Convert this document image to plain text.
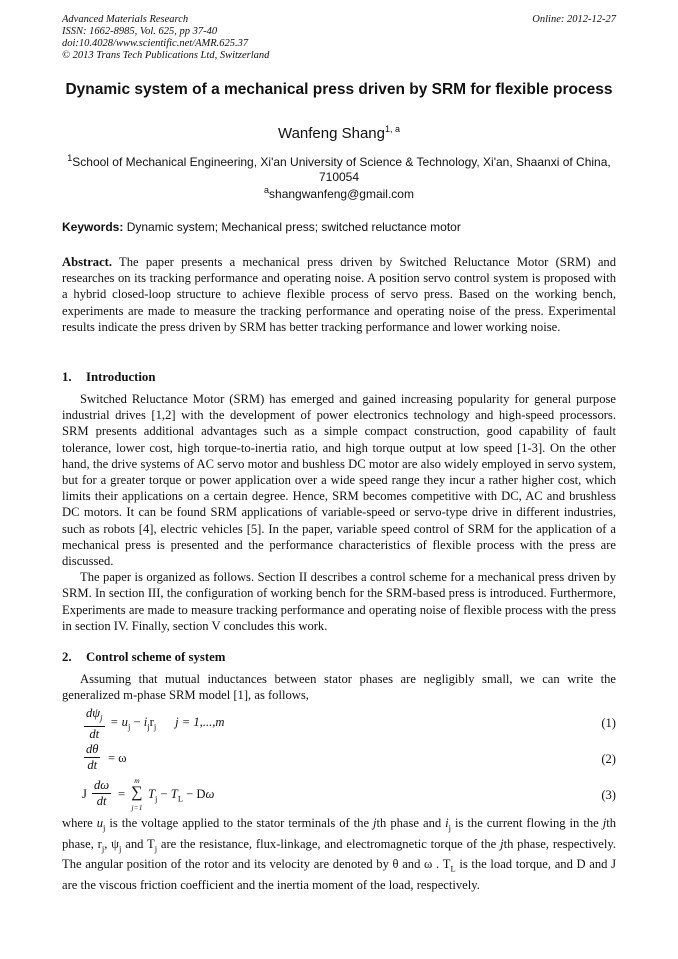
Advanced Materials Research
ISSN: 1662-8985, Vol. 625, pp 37-40
doi:10.4028/www.scientific.net/AMR.625.37
© 2013 Trans Tech Publications Ltd, Switzerland
Online: 2012-12-27
Dynamic system of a mechanical press driven by SRM for flexible process
Wanfeng Shang$^{1, a}$
$^1$School of Mechanical Engineering, Xi'an University of Science & Technology, Xi'an, Shaanxi of China, 710054
$^a$shangwanfeng@gmail.com
Keywords: Dynamic system; Mechanical press; switched reluctance motor

Abstract. The paper presents a mechanical press driven by Switched Reluctance Motor (SRM) and researches on its tracking performance and operating noise. A position servo control system is proposed with a hybrid closed-loop structure to achieve flexible process of servo press. Based on the working bench, experiments are made to measure the tracking performance and operating noise of the press. Experimental results indicate the press driven by SRM has better tracking performance and lower working noise.

1. Introduction

Switched Reluctance Motor (SRM) has emerged and gained increasing popularity for general purpose industrial drives [1,2] with the development of power electronics technology and high-speed processors. SRM presents additional advantages such as a simple compact construction, good capability of fault tolerance, lower cost, high torque-to-inertia ratio, and high torque output at low speed [1-3]. On the other hand, the drive systems of AC servo motor and bushless DC motor are also widely employed in servo system, but for a greater torque or power application over a wide speed range they incur a rather higher cost, which limits their applications on a certain degree. Hence, SRM becomes competitive with DC, AC and brushless DC motors. It can be found SRM applications of variable-speed or servo-type drive in different industries, such as robots [4], electric vehicles [5]. In the paper, variable speed control of SRM for the application of a mechanical press is presented and the performance characteristics of flexible process with the press are discussed.

The paper is organized as follows. Section II describes a control scheme for a mechanical press driven by SRM. In section III, the configuration of working bench for the SRM-based press is introduced. Furthermore, Experiments are made to measure tracking performance and operating noise of flexible process with the press in section IV. Finally, section V concludes this work.

2. Control scheme of system

Assuming that mutual inductances between stator phases are negligibly small, we can write the generalized m-phase SRM model [1], as follows,

$d\psi_j$
dt
= $u_j - i_jr_j$ j = 1,...,m	(1)
dθ
dt = ω	(2)
J
dω
dt =
m
∑
j=1
$T_j - T_L - D\omega$	(3)

where $u_j$ is the voltage applied to the stator terminals of the jth phase and $i_j$ is the current flowing in the jth phase, $r_j$, $\psi_j$ and $T_j$ are the resistance, flux-linkage, and electromagnetic torque of the jth phase, respectively. The angular position of the rotor and its velocity are denoted by θ and ω . $T_L$ is the load torque, and D and J are the viscous friction coefficient and the inertia moment of the load, respectively.
